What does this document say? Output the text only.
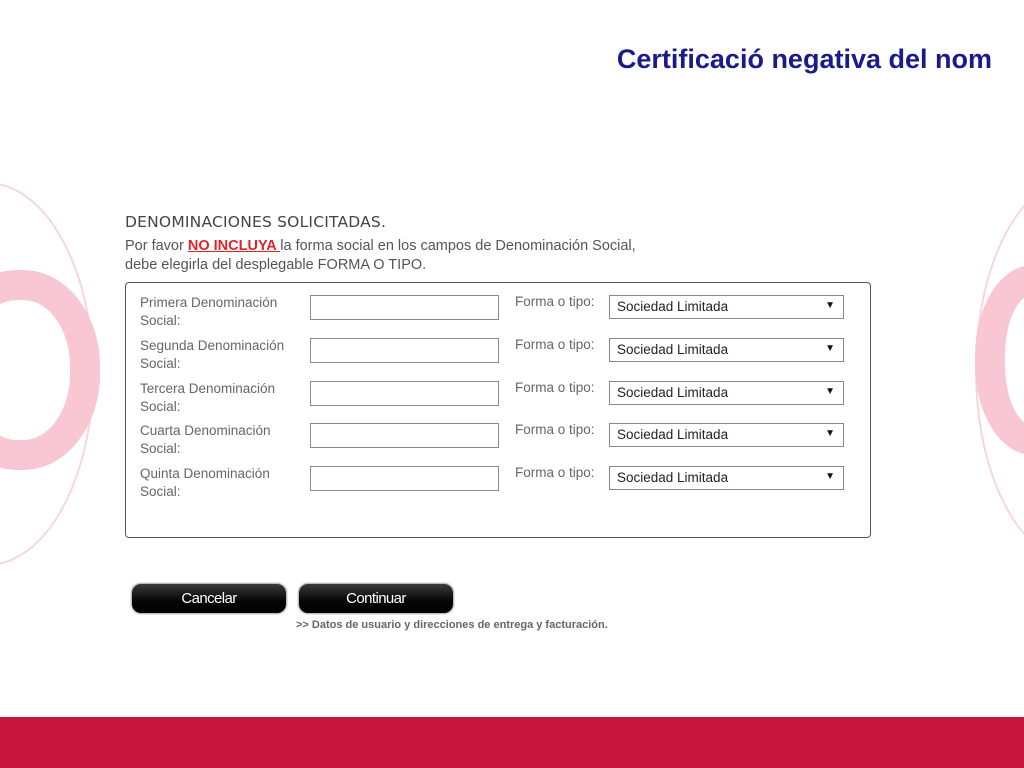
Certificació negativa del nom
DENOMINACIONES SOLICITADAS.
Por favor NO INCLUYA la forma social en los campos de Denominación Social,
debe elegirla del desplegable FORMA O TIPO.
Primera Denominación
Social:
Forma o tipo:	Sociedad Limitada	▼
Segunda Denominación
Social:
Forma o tipo:	Sociedad Limitada	▼
Tercera Denominación
Social:
Forma o tipo:	Sociedad Limitada	▼
Cuarta Denominación
Social:
Forma o tipo:	Sociedad Limitada	▼
Quinta Denominación
Social:
Forma o tipo:	Sociedad Limitada	▼
Cancelar	Continuar
>> Datos de usuario y direcciones de entrega y facturación.
